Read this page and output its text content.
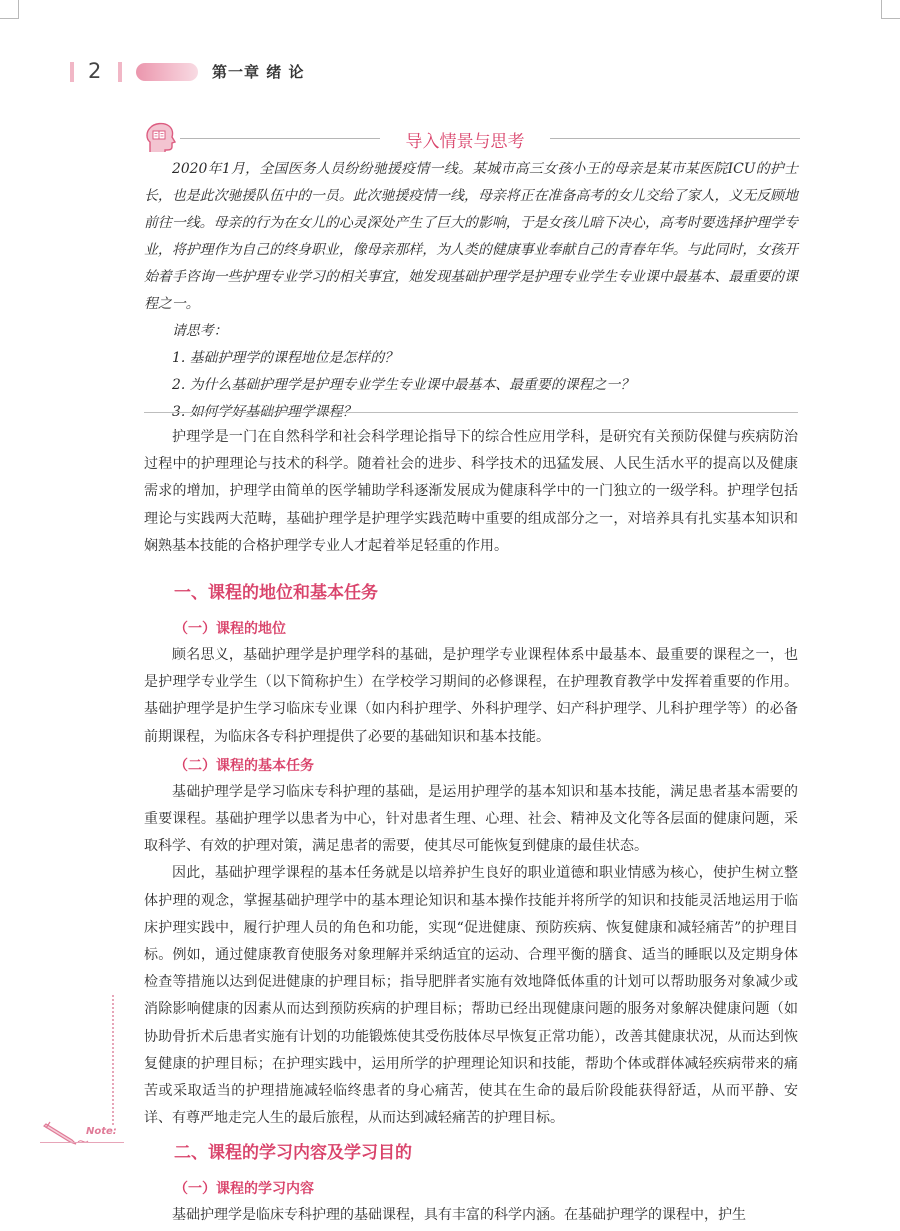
2	第一章 绪 论
导入情景与思考

2020年1月，全国医务人员纷纷驰援疫情一线。某城市高三女孩小王的母亲是某市某医院ICU的护士长，也是此次驰援队伍中的一员。此次驰援疫情一线，母亲将正在准备高考的女儿交给了家人，义无反顾地前往一线。母亲的行为在女儿的心灵深处产生了巨大的影响，于是女孩儿暗下决心，高考时要选择护理学专业，将护理作为自己的终身职业，像母亲那样，为人类的健康事业奉献自己的青春年华。与此同时，女孩开始着手咨询一些护理专业学习的相关事宜，她发现基础护理学是护理专业学生专业课中最基本、最重要的课程之一。

请思考：

1. 基础护理学的课程地位是怎样的？

2. 为什么基础护理学是护理专业学生专业课中最基本、最重要的课程之一？

3. 如何学好基础护理学课程？

护理学是一门在自然科学和社会科学理论指导下的综合性应用学科，是研究有关预防保健与疾病防治过程中的护理理论与技术的科学。随着社会的进步、科学技术的迅猛发展、人民生活水平的提高以及健康需求的增加，护理学由简单的医学辅助学科逐渐发展成为健康科学中的一门独立的一级学科。护理学包括理论与实践两大范畴，基础护理学是护理学实践范畴中重要的组成部分之一，对培养具有扎实基本知识和娴熟基本技能的合格护理学专业人才起着举足轻重的作用。

一、课程的地位和基本任务
（一）课程的地位

顾名思义，基础护理学是护理学科的基础，是护理学专业课程体系中最基本、最重要的课程之一，也是护理学专业学生（以下简称护生）在学校学习期间的必修课程，在护理教育教学中发挥着重要的作用。基础护理学是护生学习临床专业课（如内科护理学、外科护理学、妇产科护理学、儿科护理学等）的必备前期课程，为临床各专科护理提供了必要的基础知识和基本技能。

（二）课程的基本任务

基础护理学是学习临床专科护理的基础，是运用护理学的基本知识和基本技能，满足患者基本需要的重要课程。基础护理学以患者为中心，针对患者生理、心理、社会、精神及文化等各层面的健康问题，采取科学、有效的护理对策，满足患者的需要，使其尽可能恢复到健康的最佳状态。

因此，基础护理学课程的基本任务就是以培养护生良好的职业道德和职业情感为核心，使护生树立整体护理的观念，掌握基础护理学中的基本理论知识和基本操作技能并将所学的知识和技能灵活地运用于临床护理实践中，履行护理人员的角色和功能，实现“促进健康、预防疾病、恢复健康和减轻痛苦”的护理目标。例如，通过健康教育使服务对象理解并采纳适宜的运动、合理平衡的膳食、适当的睡眠以及定期身体检查等措施以达到促进健康的护理目标；指导肥胖者实施有效地降低体重的计划可以帮助服务对象减少或消除影响健康的因素从而达到预防疾病的护理目标；帮助已经出现健康问题的服务对象解决健康问题（如协助骨折术后患者实施有计划的功能锻炼使其受伤肢体尽早恢复正常功能），改善其健康状况，从而达到恢复健康的护理目标；在护理实践中，运用所学的护理理论知识和技能，帮助个体或群体减轻疾病带来的痛苦或采取适当的护理措施减轻临终患者的身心痛苦，使其在生命的最后阶段能获得舒适，从而平静、安详、有尊严地走完人生的最后旅程，从而达到减轻痛苦的护理目标。

二、课程的学习内容及学习目的
（一）课程的学习内容

基础护理学是临床专科护理的基础课程，具有丰富的科学内涵。在基础护理学的课程中，护生

Note:
